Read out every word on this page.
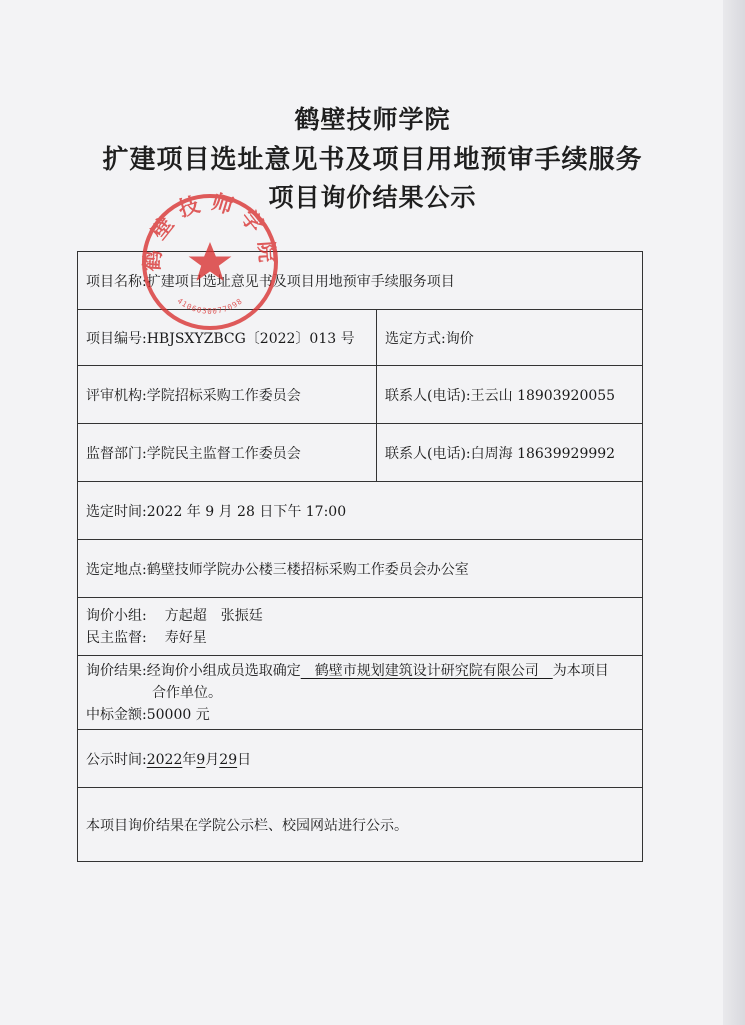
鹤壁技师学院
扩建项目选址意见书及项目用地预审手续服务
项目询价结果公示
项目名称:扩建项目选址意见书及项目用地预审手续服务项目	
项目编号:HBJSXYZBCG〔2022〕013 号	选定方式:询价
评审机构:学院招标采购工作委员会	联系人(电话):王云山 18903920055
监督部门:学院民主监督工作委员会	联系人(电话):白周海 18639929992
选定时间:2022 年 9 月 28 日下午 17:00	
选定地点:鹤壁技师学院办公楼三楼招标采购工作委员会办公室	

询价小组: 方起超　张振廷
民主监督: 寿好星	

询价结果:经询价小组成员选取确定　鹤壁市规划建筑设计研究院有限公司　为本项目
合作单位。
中标金额:50000 元	

公示时间:2022年9月29日	
本项目询价结果在学院公示栏、校园网站进行公示。	
鹤壁技师学院
4106030077098
